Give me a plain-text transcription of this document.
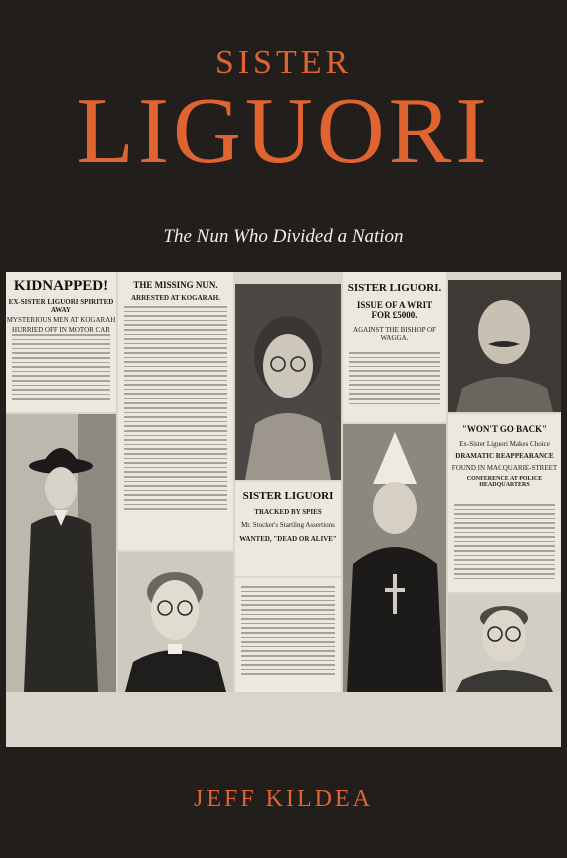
SISTER
LIGUORI
The Nun Who Divided a Nation
KIDNAPPED!
EX-SISTER LIGUORI SPIRITED AWAY
MYSTERIOUS MEN AT KOGARAH
HURRIED OFF IN MOTOR CAR
THE MISSING NUN.
ARRESTED AT KOGARAH.
SISTER LIGUORI
TRACKED BY SPIES
Mr. Stocker's Startling Assertions
WANTED, "DEAD OR ALIVE"
SISTER LIGUORI.
ISSUE OF A WRIT FOR £5000.
AGAINST THE BISHOP OF WAGGA.
"WON'T GO BACK"
Ex-Sister Liguori Makes Choice
DRAMATIC REAPPEARANCE
FOUND IN MACQUARIE-STREET
CONFERENCE AT POLICE HEADQUARTERS
JEFF KILDEA
